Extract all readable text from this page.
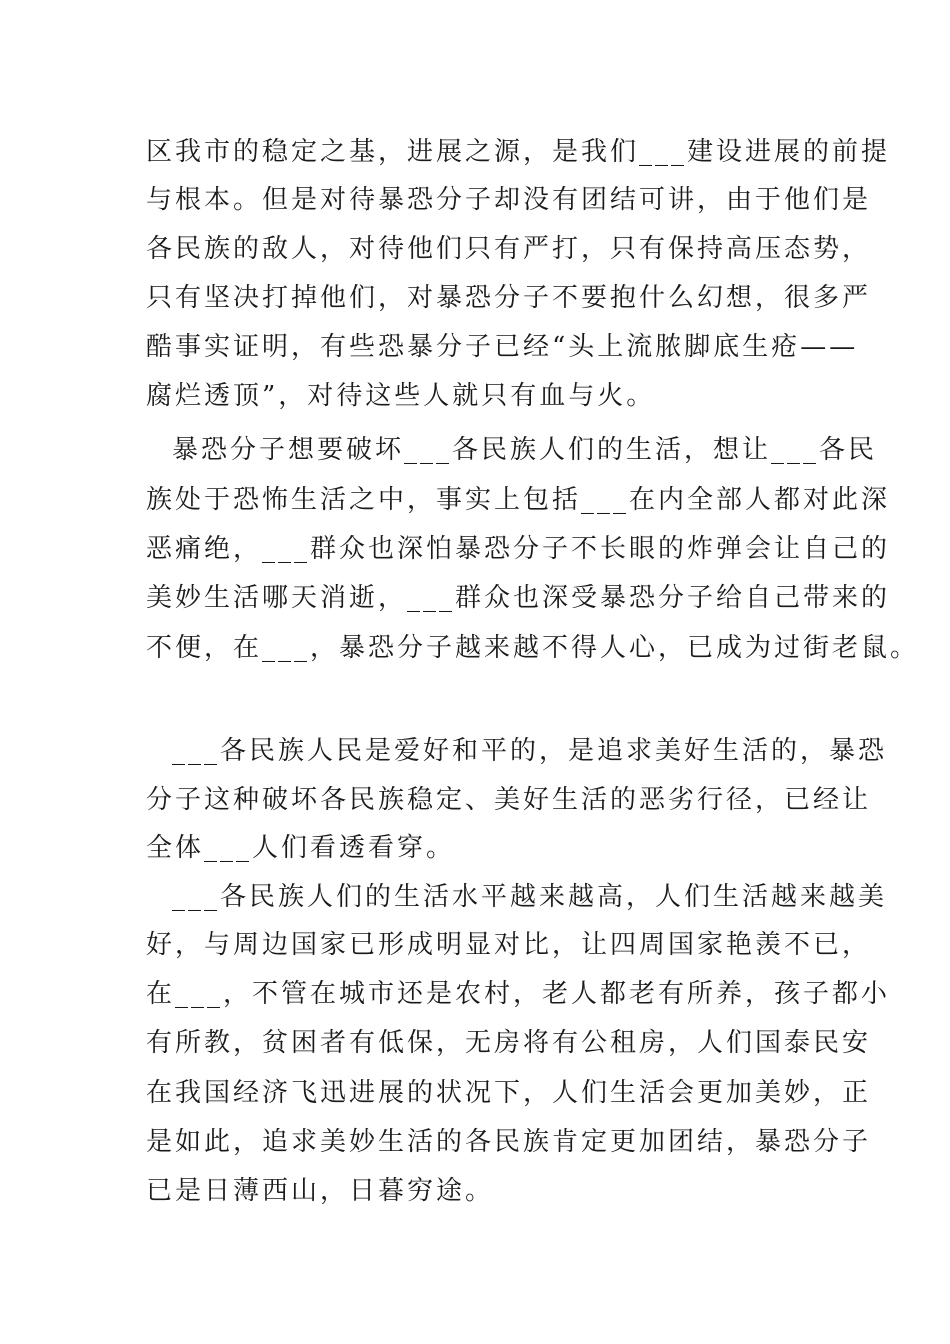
区我市的稳定之基，进展之源，是我们___建设进展的前提
与根本。但是对待暴恐分子却没有团结可讲，由于他们是
各民族的敌人，对待他们只有严打，只有保持高压态势，
只有坚决打掉他们，对暴恐分子不要抱什么幻想，很多严
酷事实证明，有些恐暴分子已经“头上流脓脚底生疮——
腐烂透顶”，对待这些人就只有血与火。
暴恐分子想要破坏___各民族人们的生活，想让___各民
族处于恐怖生活之中，事实上包括___在内全部人都对此深
恶痛绝，___群众也深怕暴恐分子不长眼的炸弹会让自己的
美妙生活哪天消逝，___群众也深受暴恐分子给自己带来的
不便，在___，暴恐分子越来越不得人心，已成为过街老鼠。
___各民族人民是爱好和平的，是追求美好生活的，暴恐
分子这种破坏各民族稳定、美好生活的恶劣行径，已经让
全体___人们看透看穿。
___各民族人们的生活水平越来越高，人们生活越来越美
好，与周边国家已形成明显对比，让四周国家艳羡不已，
在___，不管在城市还是农村，老人都老有所养，孩子都小
有所教，贫困者有低保，无房将有公租房，人们国泰民安
在我国经济飞迅进展的状况下，人们生活会更加美妙，正
是如此，追求美妙生活的各民族肯定更加团结，暴恐分子
已是日薄西山，日暮穷途。
